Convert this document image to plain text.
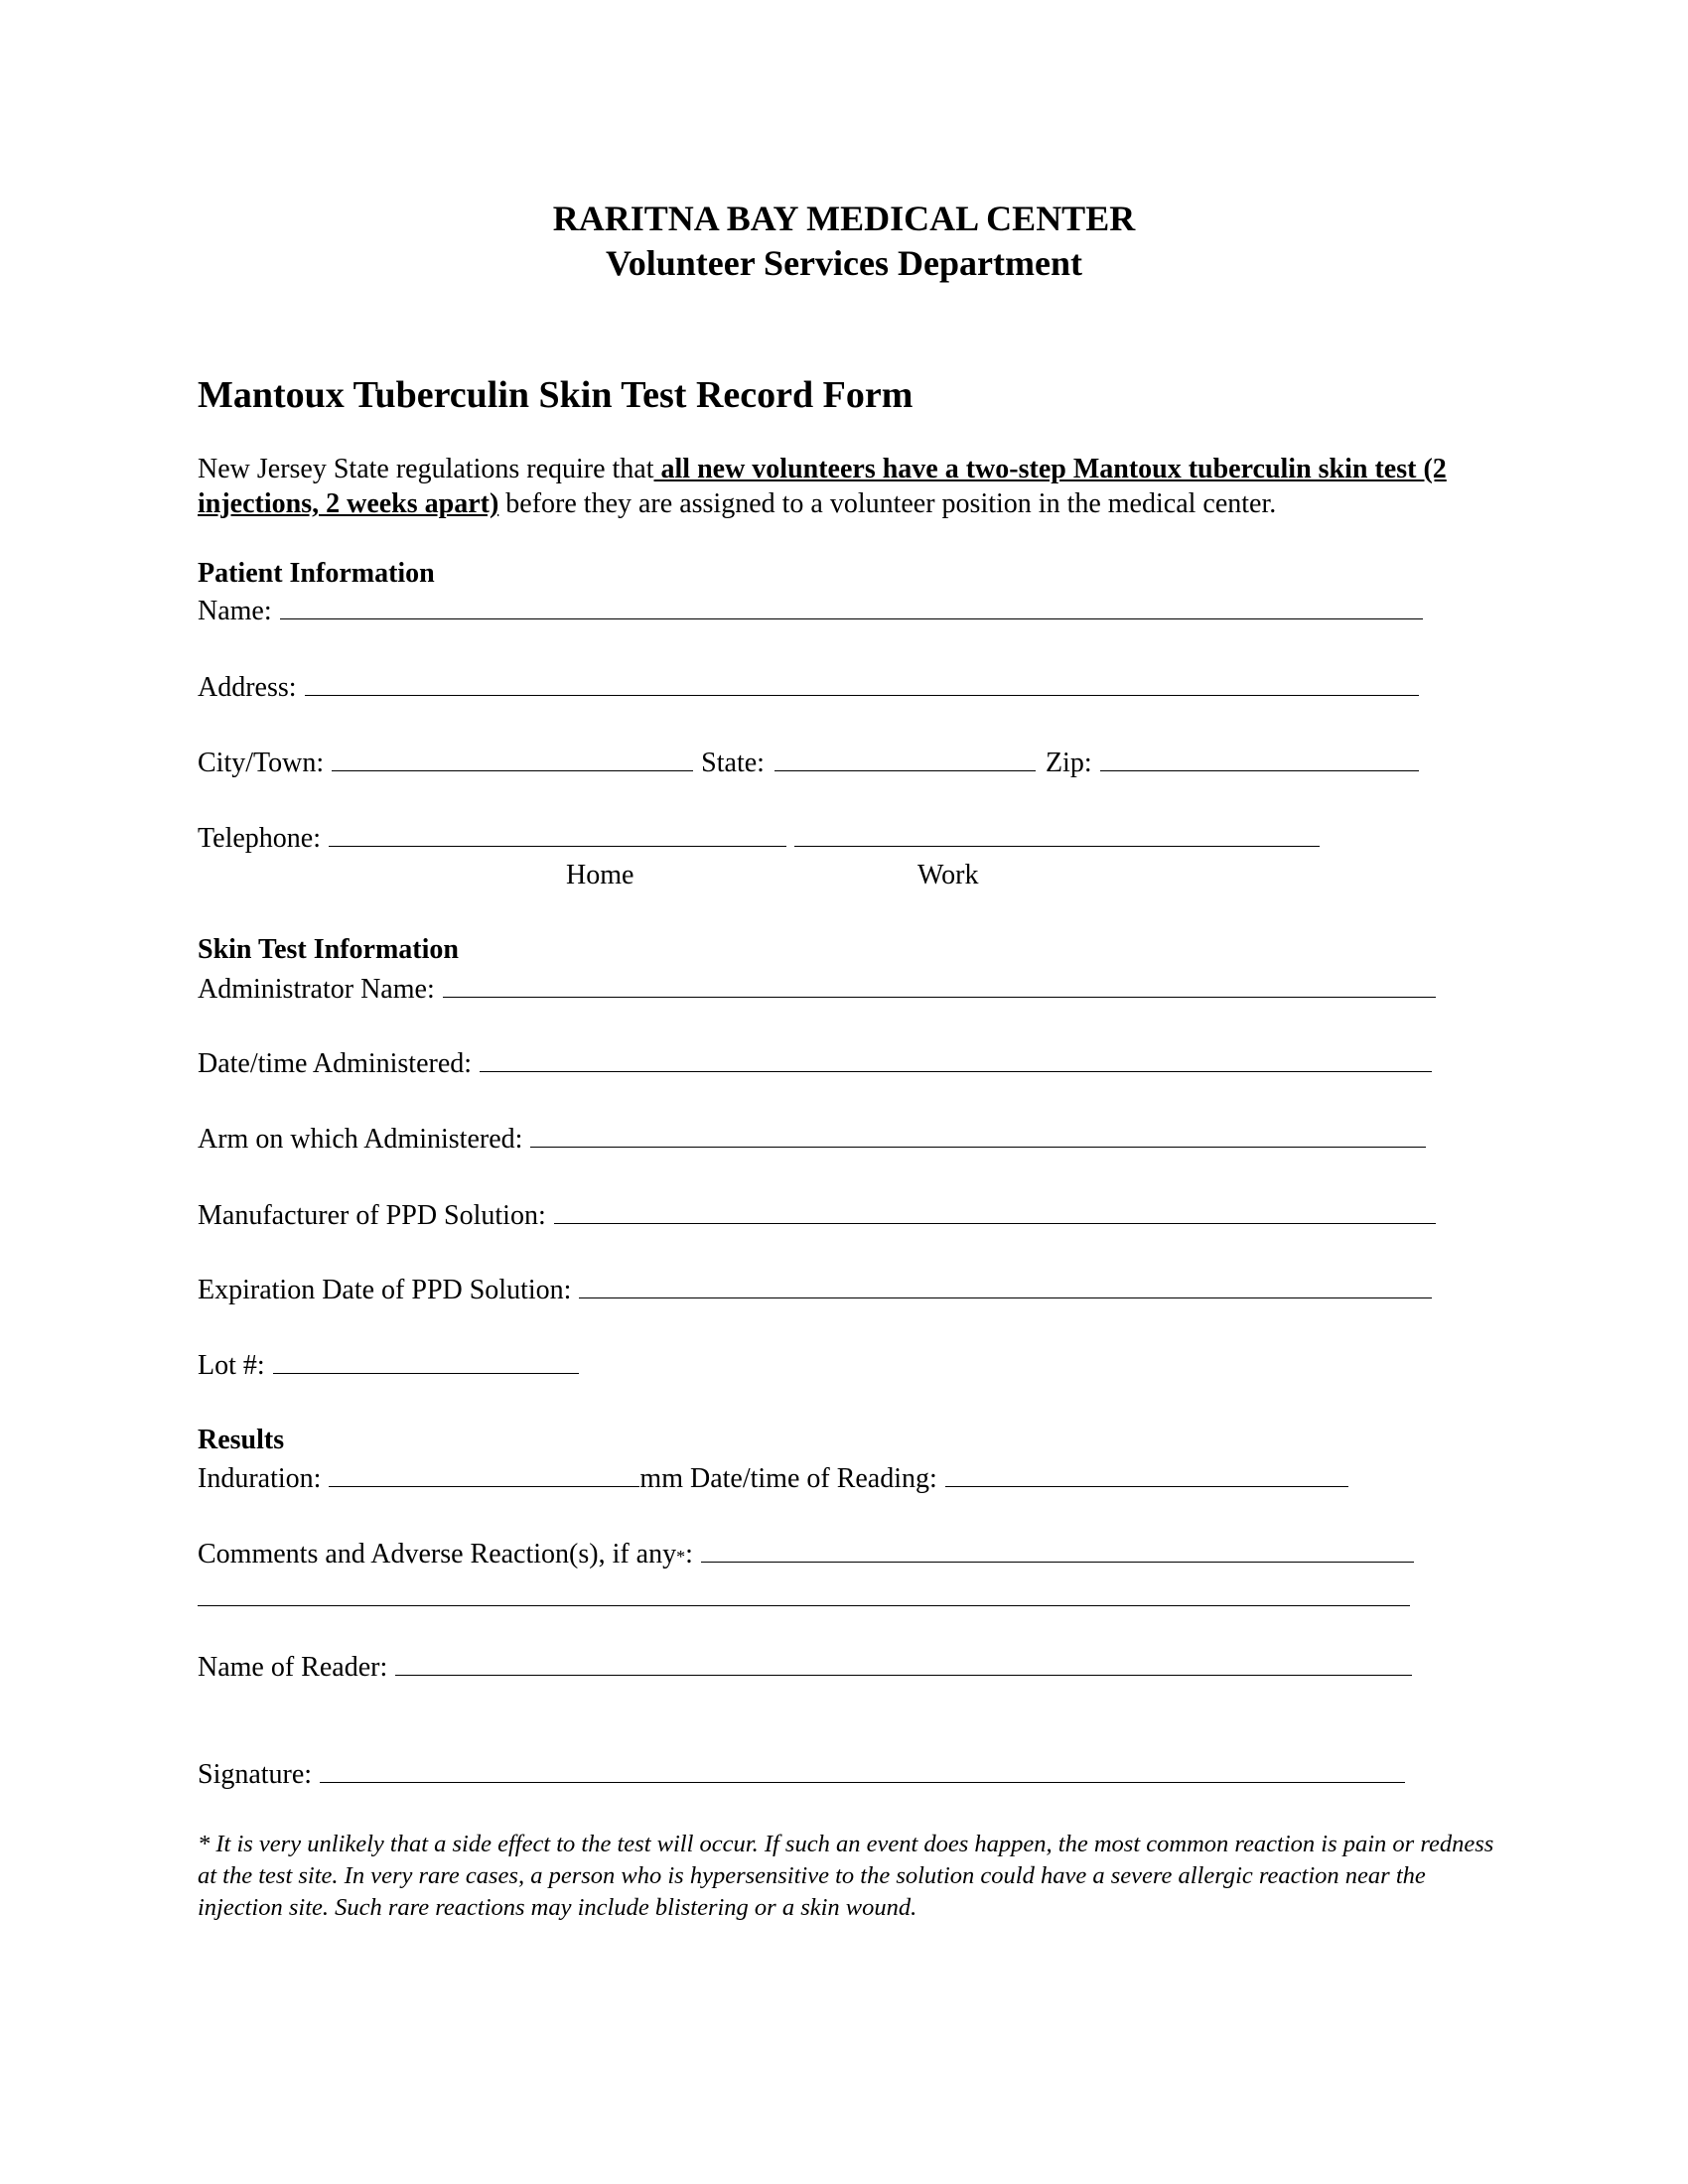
RARITNA BAY MEDICAL CENTER
Volunteer Services Department
Mantoux Tuberculin Skin Test Record Form
New Jersey State regulations require that all new volunteers have a two-step Mantoux tuberculin skin test (2 injections, 2 weeks apart) before they are assigned to a volunteer position in the medical center.
Patient Information
Name:
Address:
City/Town:	State:	Zip:
Telephone:
Home	Work
Skin Test Information
Administrator Name:
Date/time Administered:
Arm on which Administered:
Manufacturer of PPD Solution:
Expiration Date of PPD Solution:
Lot #:
Results
Induration:	mm Date/time of Reading:
Comments and Adverse Reaction(s), if any * :
Name of Reader:
Signature:
* It is very unlikely that a side effect to the test will occur. If such an event does happen, the most common reaction is pain or redness at the test site. In very rare cases, a person who is hypersensitive to the solution could have a severe allergic reaction near the injection site. Such rare reactions may include blistering or a skin wound.
